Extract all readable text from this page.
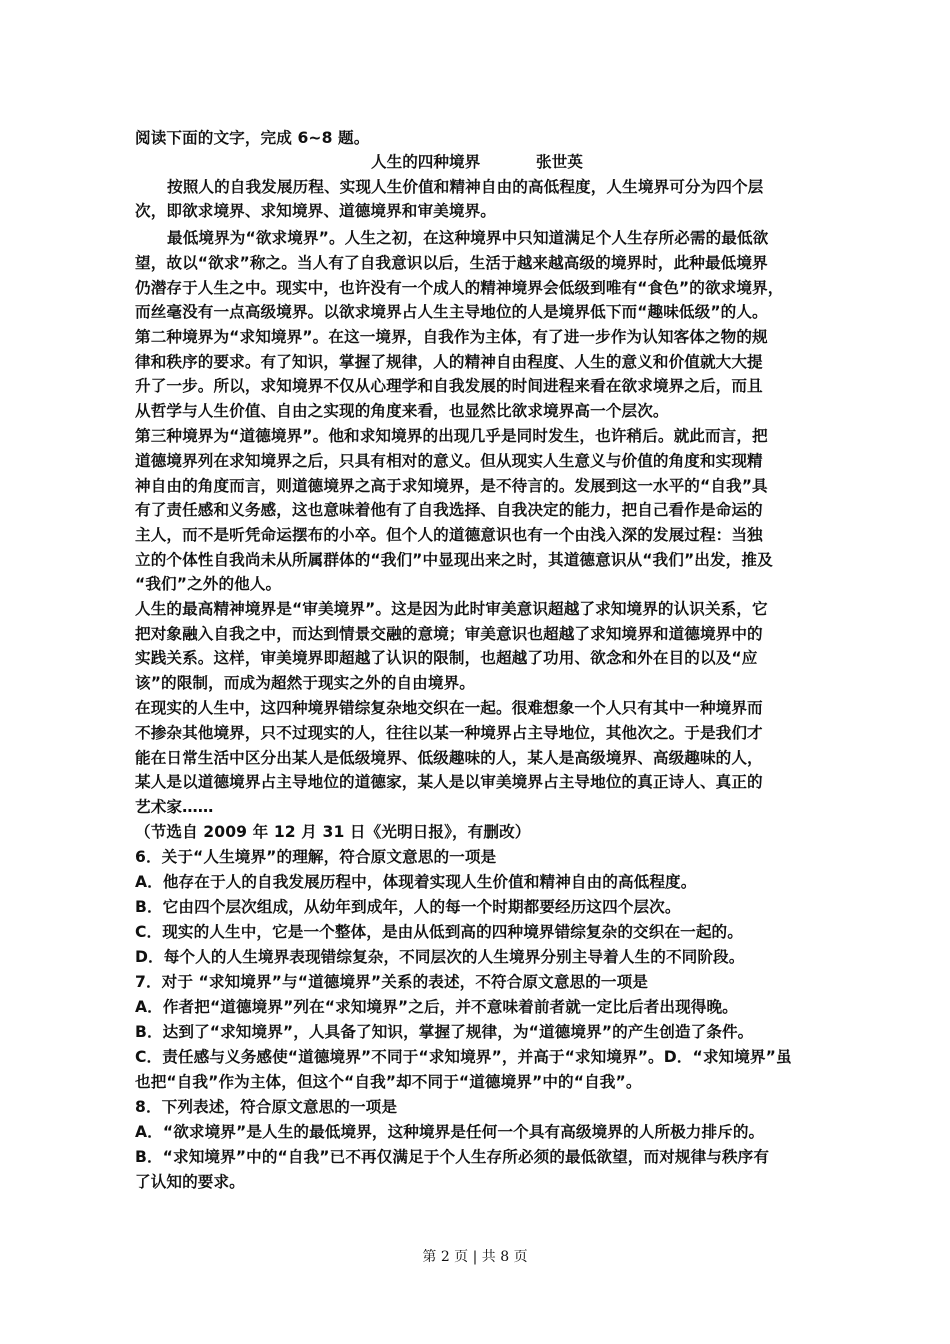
阅读下面的文字，完成 6~8 题。
人生的四种境界	张世英
按照人的自我发展历程、实现人生价值和精神自由的高低程度，人生境界可分为四个层
次，即欲求境界、求知境界、道德境界和审美境界。
最低境界为“欲求境界”。人生之初，在这种境界中只知道满足个人生存所必需的最低欲
望，故以“欲求”称之。当人有了自我意识以后，生活于越来越高级的境界时，此种最低境界
仍潜存于人生之中。现实中，也许没有一个成人的精神境界会低级到唯有“食色”的欲求境界，
而丝毫没有一点高级境界。以欲求境界占人生主导地位的人是境界低下而“趣味低级”的人。
第二种境界为“求知境界”。在这一境界，自我作为主体，有了进一步作为认知客体之物的规
律和秩序的要求。有了知识，掌握了规律，人的精神自由程度、人生的意义和价值就大大提
升了一步。所以，求知境界不仅从心理学和自我发展的时间进程来看在欲求境界之后，而且
从哲学与人生价值、自由之实现的角度来看，也显然比欲求境界高一个层次。
第三种境界为“道德境界”。他和求知境界的出现几乎是同时发生，也许稍后。就此而言，把
道德境界列在求知境界之后，只具有相对的意义。但从现实人生意义与价值的角度和实现精
神自由的角度而言，则道德境界之高于求知境界，是不待言的。发展到这一水平的“自我”具
有了责任感和义务感，这也意味着他有了自我选择、自我决定的能力，把自己看作是命运的
主人，而不是听凭命运摆布的小卒。但个人的道德意识也有一个由浅入深的发展过程：当独
立的个体性自我尚未从所属群体的“我们”中显现出来之时，其道德意识从“我们”出发，推及
“我们”之外的他人。
人生的最高精神境界是“审美境界”。这是因为此时审美意识超越了求知境界的认识关系，它
把对象融入自我之中，而达到情景交融的意境；审美意识也超越了求知境界和道德境界中的
实践关系。这样，审美境界即超越了认识的限制，也超越了功用、欲念和外在目的以及“应
该”的限制，而成为超然于现实之外的自由境界。
在现实的人生中，这四种境界错综复杂地交织在一起。很难想象一个人只有其中一种境界而
不掺杂其他境界，只不过现实的人，往往以某一种境界占主导地位，其他次之。于是我们才
能在日常生活中区分出某人是低级境界、低级趣味的人，某人是高级境界、高级趣味的人，
某人是以道德境界占主导地位的道德家，某人是以审美境界占主导地位的真正诗人、真正的
艺术家……
（节选自 2009 年 12 月 31 日《光明日报》，有删改）
6．关于“人生境界”的理解，符合原文意思的一项是
A．他存在于人的自我发展历程中，体现着实现人生价值和精神自由的高低程度。
B．它由四个层次组成，从幼年到成年，人的每一个时期都要经历这四个层次。
C．现实的人生中，它是一个整体，是由从低到高的四种境界错综复杂的交织在一起的。
D．每个人的人生境界表现错综复杂，不同层次的人生境界分别主导着人生的不同阶段。
7．对于 “求知境界”与“道德境界”关系的表述，不符合原文意思的一项是
A．作者把“道德境界”列在“求知境界”之后，并不意味着前者就一定比后者出现得晚。
B．达到了“求知境界”，人具备了知识，掌握了规律，为“道德境界”的产生创造了条件。
C．责任感与义务感使“道德境界”不同于“求知境界”，并高于“求知境界”。D．“求知境界”虽
也把“自我”作为主体，但这个“自我”却不同于“道德境界”中的“自我”。
8．下列表述，符合原文意思的一项是
A．“欲求境界”是人生的最低境界，这种境界是任何一个具有高级境界的人所极力排斥的。
B．“求知境界”中的“自我”已不再仅满足于个人生存所必须的最低欲望，而对规律与秩序有
了认知的要求。
第 2 页 | 共 8 页
